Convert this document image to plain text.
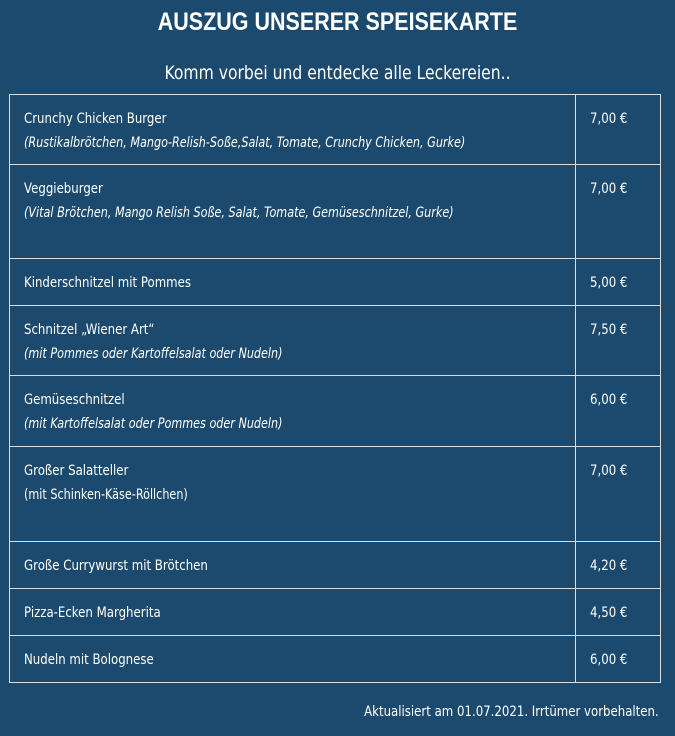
AUSZUG UNSERER SPEISEKARTE
Komm vorbei und entdecke alle Leckereien..
Crunchy Chicken Burger
(Rustikalbrötchen, Mango-Relish-Soße,Salat, Tomate, Crunchy Chicken, Gurke)	7,00 €

Veggieburger
(Vital Brötchen, Mango Relish Soße, Salat, Tomate, Gemüseschnitzel, Gurke)	7,00 €

Kinderschnitzel mit Pommes	5,00 €

Schnitzel „Wiener Art“
(mit Pommes oder Kartoffelsalat oder Nudeln)	7,50 €

Gemüseschnitzel
(mit Kartoffelsalat oder Pommes oder Nudeln)	6,00 €

Großer Salatteller
(mit Schinken-Käse-Röllchen)	7,00 €

Große Currywurst mit Brötchen	4,20 €

Pizza-Ecken Margherita	4,50 €

Nudeln mit Bolognese	6,00 €
Aktualisiert am 01.07.2021. Irrtümer vorbehalten.
